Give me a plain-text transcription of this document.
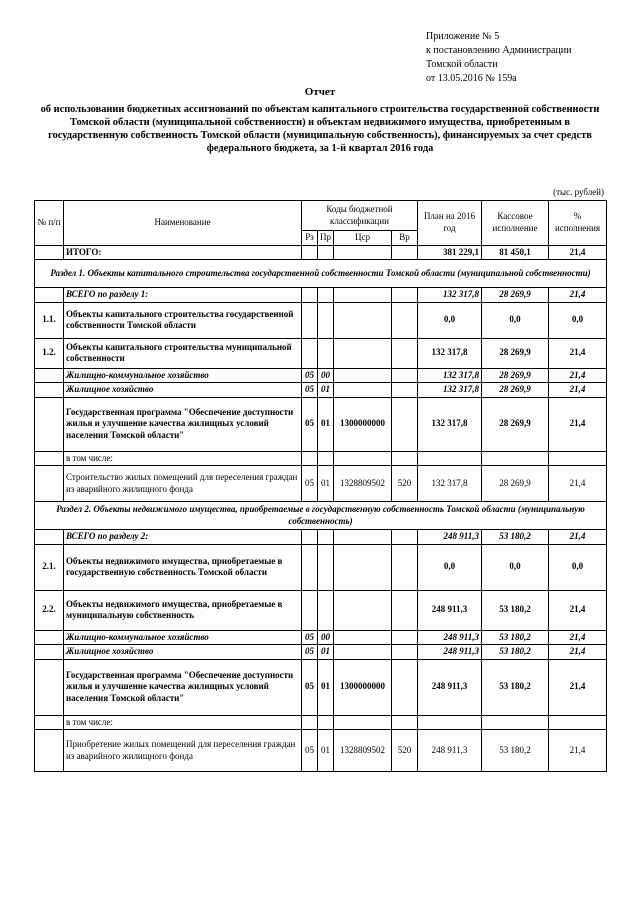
Приложение № 5
к постановлению Администрации
Томской области
от 13.05.2016 № 159а
Отчет
об использовании бюджетных ассигнований по объектам капитального строительства государственной собственности Томской области (муниципальной собственности) и объектам недвижимого имущества, приобретенным в государственную собственность Томской области (муниципальную собственность), финансируемых за счет средств федерального бюджета, за 1-й квартал 2016 года
(тыс. рублей)
№ п/п	Наименование	Коды бюджетной классификации				План на 2016 год	Кассовое исполнение	% исполнения
		Рз	Пр	Цср	Вр			
	ИТОГО:					381 229,1	81 450,1	21,4
Раздел 1. Объекты капитального строительства государственной собственности Томской области (муниципальной собственности)								
	ВСЕГО по разделу 1:					132 317,8	28 269,9	21,4
1.1.	Объекты капитального строительства государственной собственности Томской области					0,0	0,0	0,0
1.2.	Объекты капитального строительства муниципальной собственности					132 317,8	28 269,9	21,4
	Жилищно-коммунальное хозяйство	05	00			132 317,8	28 269,9	21,4
	Жилищное хозяйство	05	01			132 317,8	28 269,9	21,4
	Государственная программа "Обеспечение доступности жилья и улучшение качества жилищных условий населения Томской области"	05	01	1300000000		132 317,8	28 269,9	21,4
	в том числе:							
	Строительство жилых помещений для переселения граждан из аварийного жилищного фонда	05	01	1328809502	520	132 317,8	28 269,9	21,4
Раздел 2. Объекты недвижимого имущества, приобретаемые в государственную собственность Томской области (муниципальную собственность)								
	ВСЕГО по разделу 2:					248 911,3	53 180,2	21,4
2.1.	Объекты недвижимого имущества, приобретаемые в государственную собственность Томской области					0,0	0,0	0,0
2.2.	Объекты недвижимого имущества, приобретаемые в муниципальную собственность					248 911,3	53 180,2	21,4
	Жилищно-коммунальное хозяйство	05	00			248 911,3	53 180,2	21,4
	Жилищное хозяйство	05	01			248 911,3	53 180,2	21,4
	Государственная программа "Обеспечение доступности жилья и улучшение качества жилищных условий населения Томской области"	05	01	1300000000		248 911,3	53 180,2	21,4
	в том числе:							
	Приобретение жилых помещений для переселения граждан из аварийного жилищного фонда	05	01	1328809502	520	248 911,3	53 180,2	21,4
